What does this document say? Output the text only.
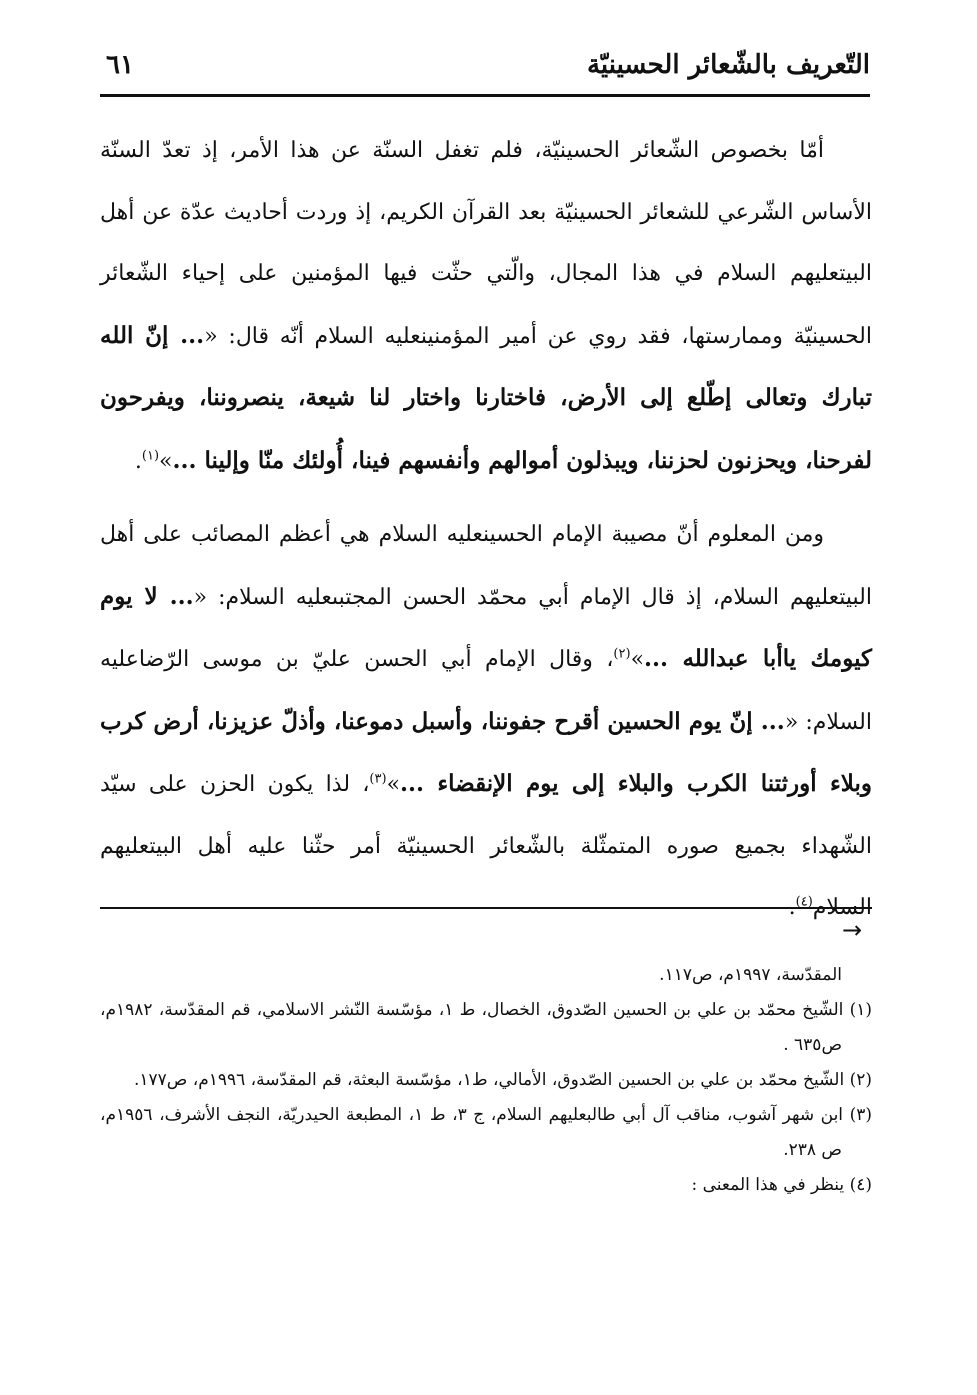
التّعريف بالشّعائر الحسينيّة
٦١

أمّا بخصوص الشّعائر الحسينيّة، فلم تغفل السنّة عن هذا الأمر، إذ تعدّ السنّة الأساس الشّرعي للشعائر الحسينيّة بعد القرآن الكريم، إذ وردت أحاديث عدّة عن أهل البيتعليهم السلام في هذا المجال، والّتي حثّت فيها المؤمنين على إحياء الشّعائر الحسينيّة وممارستها، فقد روي عن أمير المؤمنينعليه السلام أنّه قال: «... إنّ الله تبارك وتعالى إطّلع إلى الأرض، فاختارنا واختار لنا شيعة، ينصروننا، ويفرحون لفرحنا، ويحزنون لحزننا، ويبذلون أموالهم وأنفسهم فينا، أُولئك منّا وإلينا ...»$^{(١)}$.

ومن المعلوم أنّ مصيبة الإمام الحسينعليه السلام هي أعظم المصائب على أهل البيتعليهم السلام، إذ قال الإمام أبي محمّد الحسن المجتبىعليه السلام: «... لا يوم كيومك ياأبا عبدالله ...»$^{(٢)}$، وقال الإمام أبي الحسن عليّ بن موسى الرّضاعليه السلام: «... إنّ يوم الحسين أقرح جفوننا، وأسبل دموعنا، وأذلّ عزيزنا، أرض كرب وبلاء أورثتنا الكرب والبلاء إلى يوم الإنقضاء ...»$^{(٣)}$، لذا يكون الحزن على سيّد الشّهداء بجميع صوره المتمثّلة بالشّعائر الحسينيّة أمر حثّنا عليه أهل البيتعليهم السلام$^{(٤)}$.

→

المقدّسة، ١٩٩٧م، ص١١٧.

(١) الشّيخ محمّد بن علي بن الحسين الصّدوق، الخصال، ط ١، مؤسّسة النّشر الاسلامي، قم المقدّسة، ١٩٨٢م، ص٦٣٥ .

(٢) الشّيخ محمّد بن علي بن الحسين الصّدوق، الأمالي، ط١، مؤسّسة البعثة، قم المقدّسة، ١٩٩٦م، ص١٧٧.

(٣) ابن شهر آشوب، مناقب آل أبي طالبعليهم السلام، ج ٣، ط ١، المطبعة الحيدريّة، النجف الأشرف، ١٩٥٦م، ص ٢٣٨.

(٤) ينظر في هذا المعنى :
